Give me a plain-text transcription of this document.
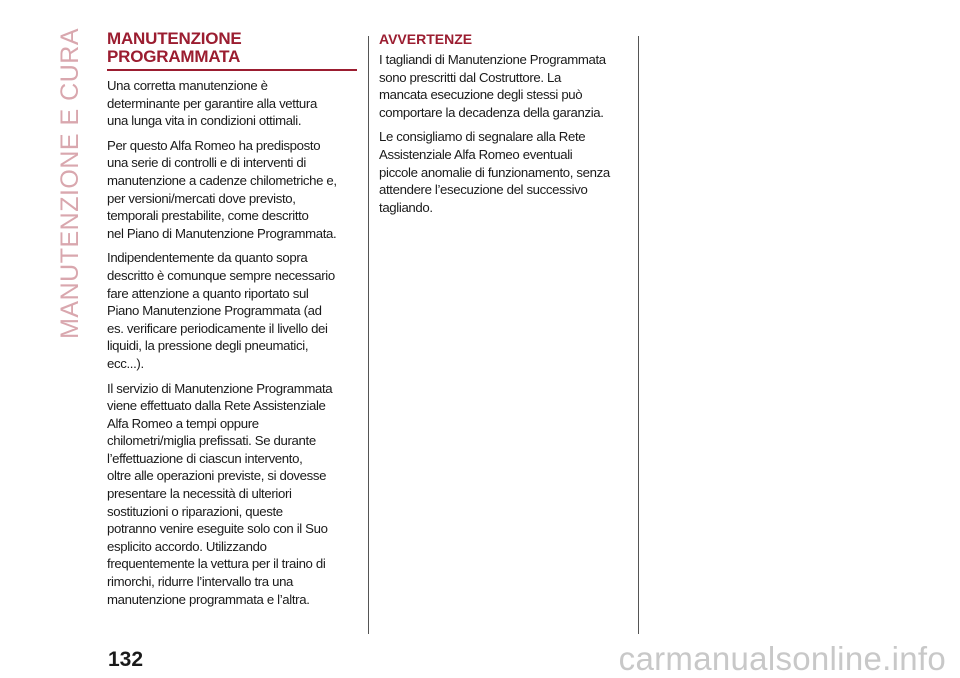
MANUTENZIONE E CURA MANUTENZIONE
PROGRAMMATA

Una corretta manutenzione è
determinante per garantire alla vettura
una lunga vita in condizioni ottimali.

Per questo Alfa Romeo ha predisposto
una serie di controlli e di interventi di
manutenzione a cadenze chilometriche e,
per versioni/mercati dove previsto,
temporali prestabilite, come descritto
nel Piano di Manutenzione Programmata.

Indipendentemente da quanto sopra
descritto è comunque sempre necessario
fare attenzione a quanto riportato sul
Piano Manutenzione Programmata (ad
es. verificare periodicamente il livello dei
liquidi, la pressione degli pneumatici,
ecc...).

Il servizio di Manutenzione Programmata
viene effettuato dalla Rete Assistenziale
Alfa Romeo a tempi oppure
chilometri/miglia prefissati. Se durante
l’effettuazione di ciascun intervento,
oltre alle operazioni previste, si dovesse
presentare la necessità di ulteriori
sostituzioni o riparazioni, queste
potranno venire eseguite solo con il Suo
esplicito accordo. Utilizzando
frequentemente la vettura per il traino di
rimorchi, ridurre l’intervallo tra una
manutenzione programmata e l’altra.

AVVERTENZE

I tagliandi di Manutenzione Programmata
sono prescritti dal Costruttore. La
mancata esecuzione degli stessi può
comportare la decadenza della garanzia.

Le consigliamo di segnalare alla Rete
Assistenziale Alfa Romeo eventuali
piccole anomalie di funzionamento, senza
attendere l’esecuzione del successivo
tagliando.

132	carmanualsonline.info
